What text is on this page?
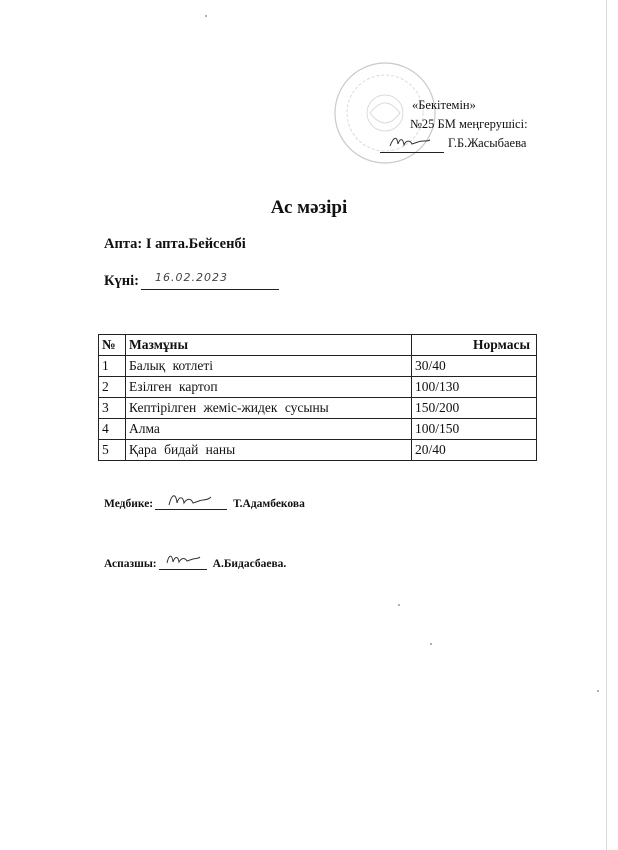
«Бекітемін»
№25 БМ меңгерушісі:
Г.Б.Жасыбаева
Ас мәзірі
Апта: І апта.Бейсенбі
Күні: 16.02.2023
№	Мазмұны	Нормасы
1	Балық котлеті	30/40
2	Езілген картоп	100/130
3	Кептірілген жеміс-жидек сусыны	150/200
4	Алма	100/150
5	Қара бидай наны	20/40
Медбике:	Т.Адамбекова
Аспазшы:	А.Бидасбаева.
